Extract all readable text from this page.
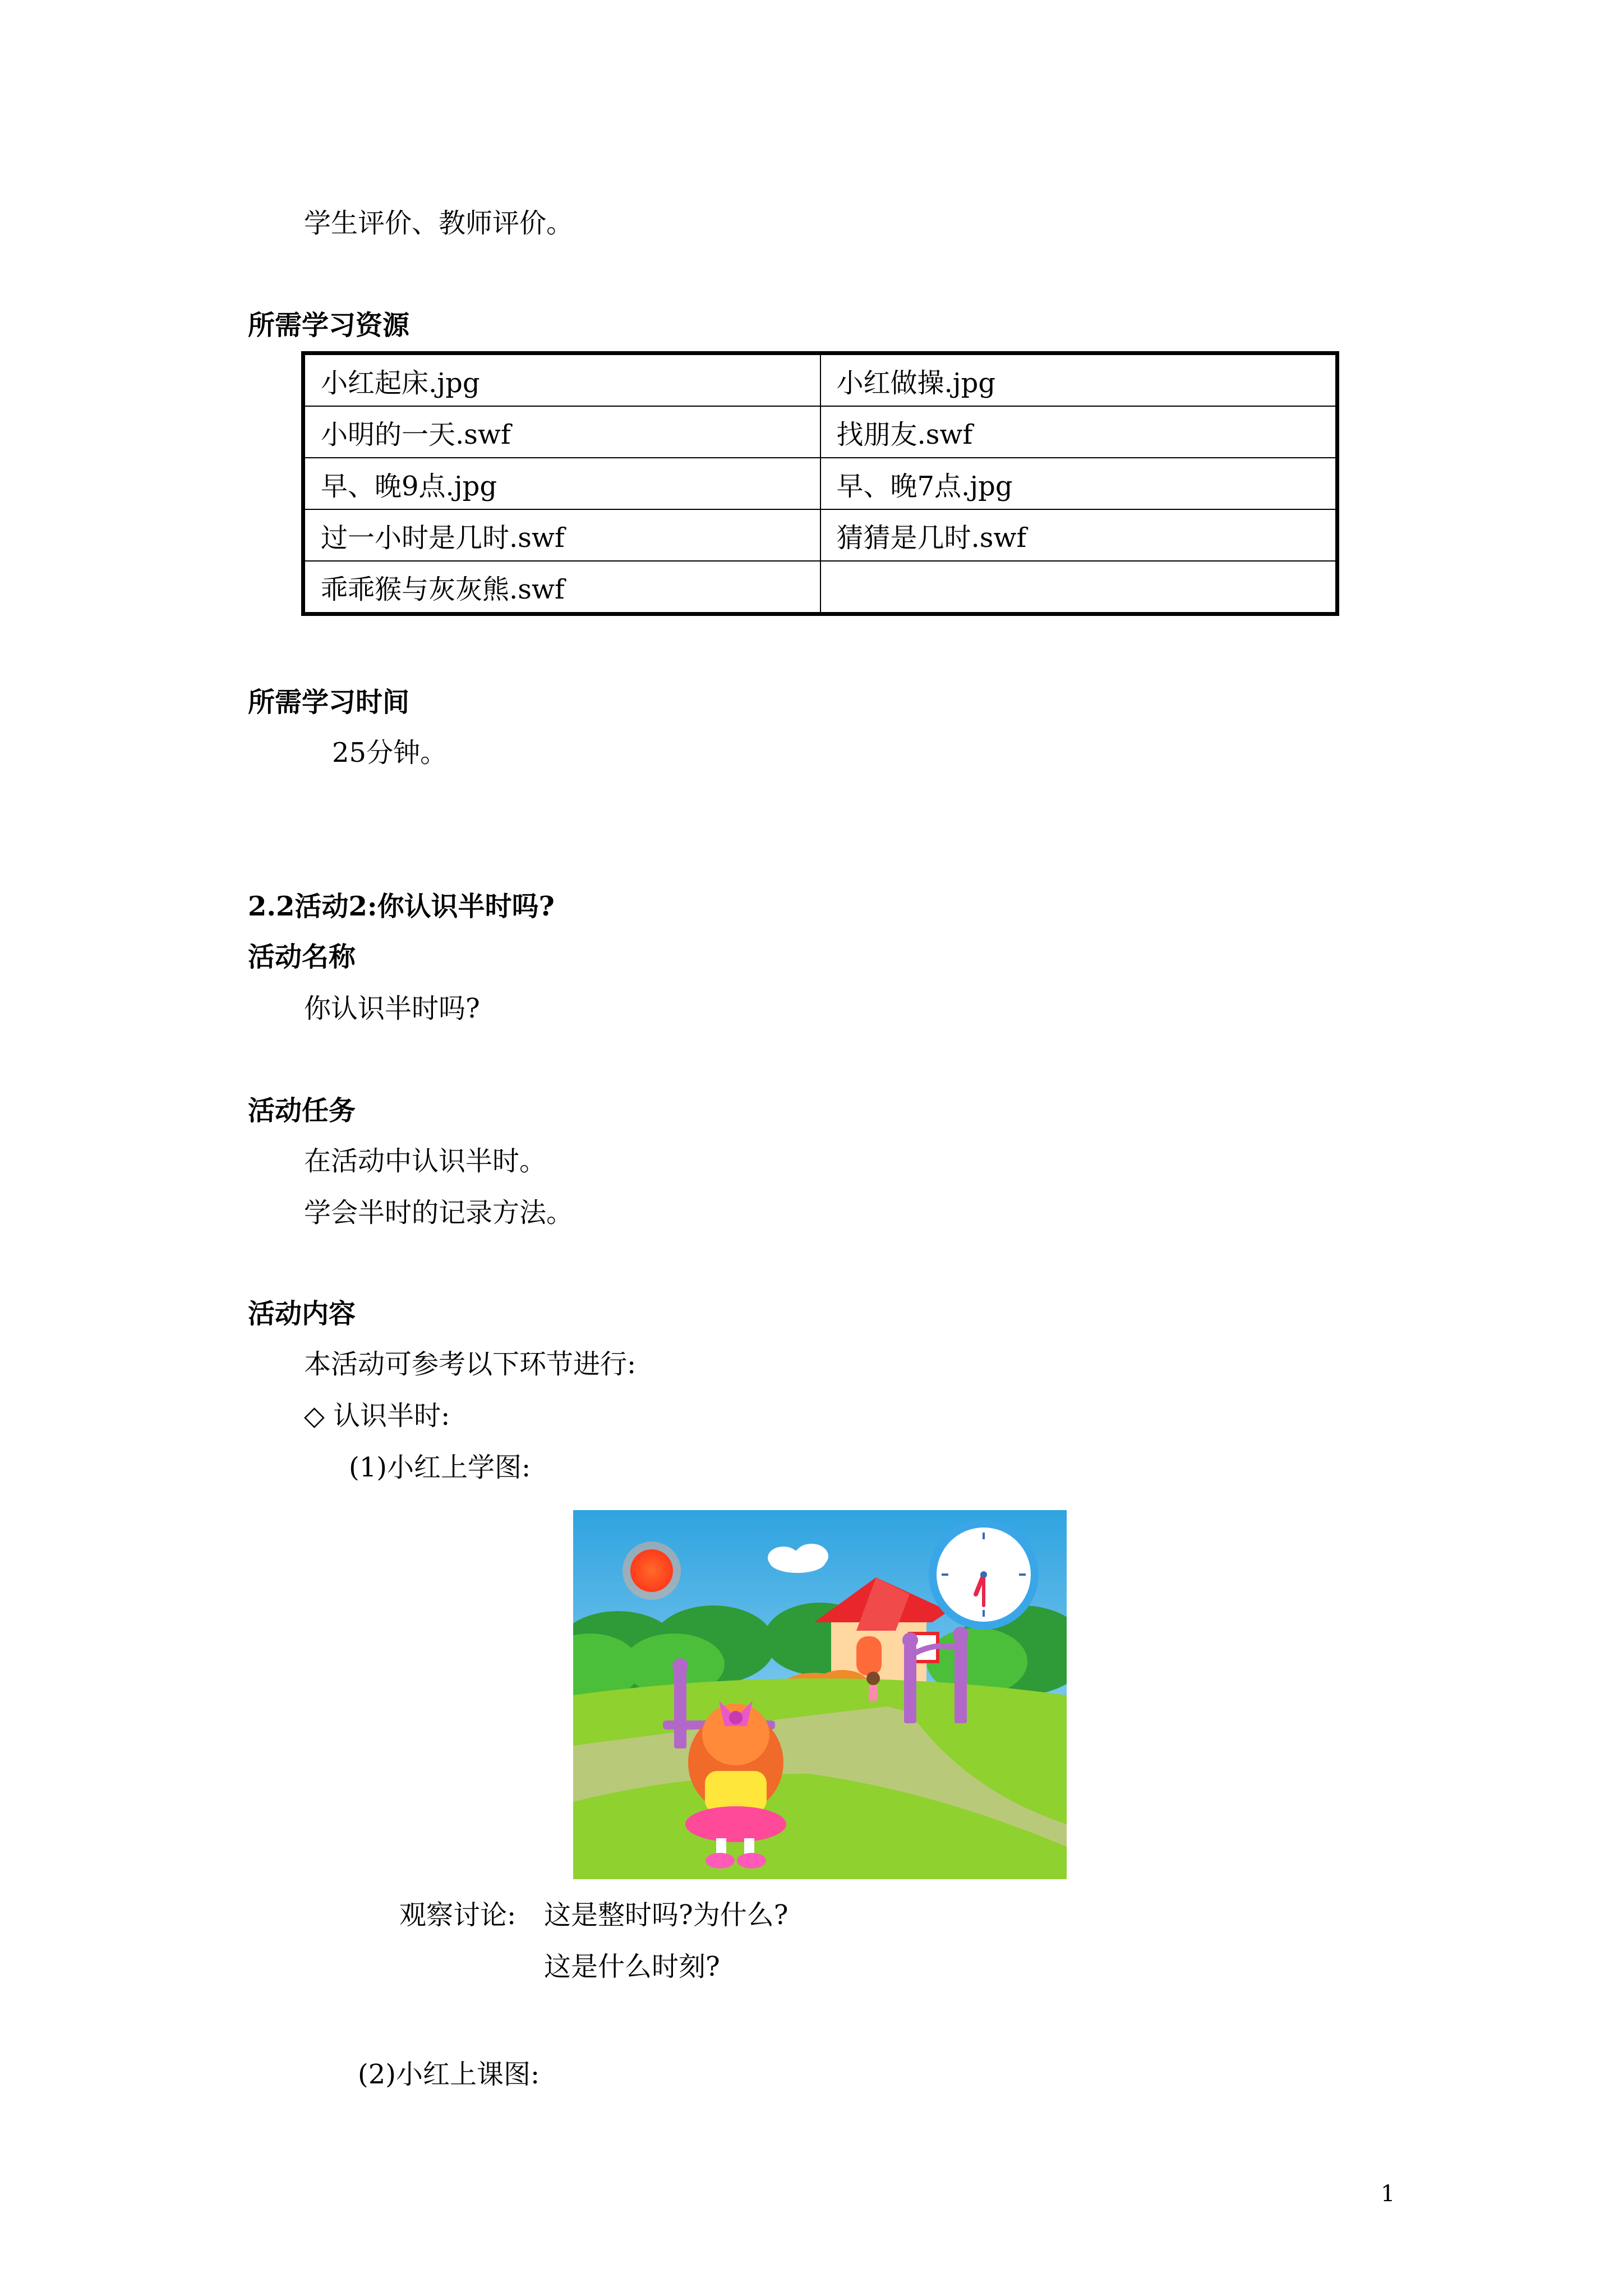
学生评价、教师评价。
所需学习资源
小红起床.jpg	小红做操.jpg
小明的一天.swf	找朋友.swf
早、晚9点.jpg	早、晚7点.jpg
过一小时是几时.swf	猜猜是几时.swf
乖乖猴与灰灰熊.swf	
所需学习时间
25分钟。
2.2活动2:你认识半时吗?
活动名称
你认识半时吗?
活动任务
在活动中认识半时。
学会半时的记录方法。
活动内容
本活动可参考以下环节进行:
◇ 认识半时:
(1)小红上学图:
观察讨论: 这是整时吗?为什么?
这是什么时刻?
(2)小红上课图:
1
